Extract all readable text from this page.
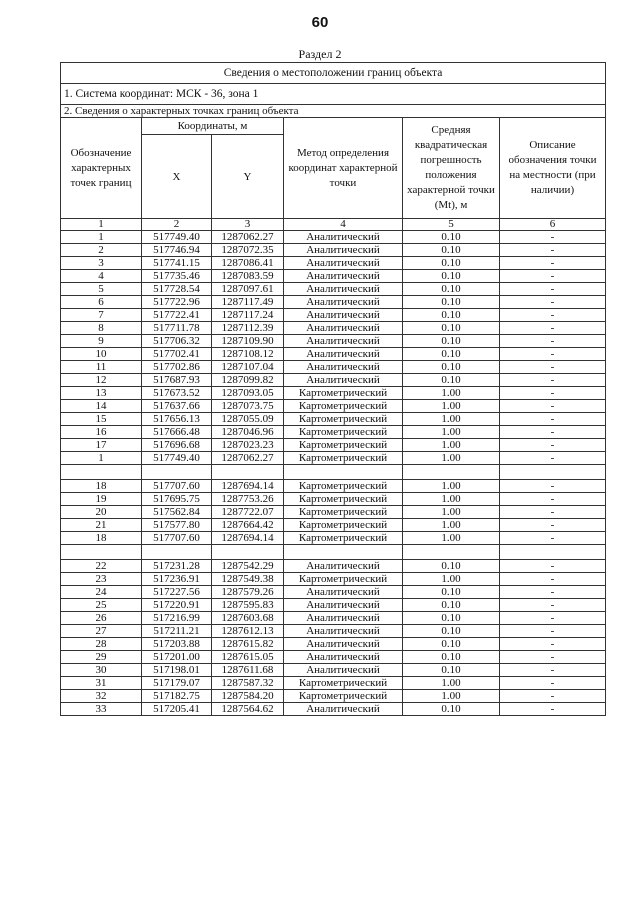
60
Раздел 2
Сведения о местоположении границ объекта					
1. Система координат: МСК - 36, зона 1					
2. Сведения о характерных точках границ объекта					
Обозначение характерных точек границ	Координаты, м		Метод определения координат характерной точки	Средняя квадратическая погрешность положения характерной точки (Mt), м	Описание обозначения точки на местности (при наличии)
	X	Y			
1	2	3	4	5	6
1	517749.40	1287062.27	Аналитический	0.10	-
2	517746.94	1287072.35	Аналитический	0.10	-
3	517741.15	1287086.41	Аналитический	0.10	-
4	517735.46	1287083.59	Аналитический	0.10	-
5	517728.54	1287097.61	Аналитический	0.10	-
6	517722.96	1287117.49	Аналитический	0.10	-
7	517722.41	1287117.24	Аналитический	0.10	-
8	517711.78	1287112.39	Аналитический	0.10	-
9	517706.32	1287109.90	Аналитический	0.10	-
10	517702.41	1287108.12	Аналитический	0.10	-
11	517702.86	1287107.04	Аналитический	0.10	-
12	517687.93	1287099.82	Аналитический	0.10	-
13	517673.52	1287093.05	Картометрический	1.00	-
14	517637.66	1287073.75	Картометрический	1.00	-
15	517656.13	1287055.09	Картометрический	1.00	-
16	517666.48	1287046.96	Картометрический	1.00	-
17	517696.68	1287023.23	Картометрический	1.00	-
1	517749.40	1287062.27	Картометрический	1.00	-

18	517707.60	1287694.14	Картометрический	1.00	-
19	517695.75	1287753.26	Картометрический	1.00	-
20	517562.84	1287722.07	Картометрический	1.00	-
21	517577.80	1287664.42	Картометрический	1.00	-
18	517707.60	1287694.14	Картометрический	1.00	-

22	517231.28	1287542.29	Аналитический	0.10	-
23	517236.91	1287549.38	Картометрический	1.00	-
24	517227.56	1287579.26	Аналитический	0.10	-
25	517220.91	1287595.83	Аналитический	0.10	-
26	517216.99	1287603.68	Аналитический	0.10	-
27	517211.21	1287612.13	Аналитический	0.10	-
28	517203.88	1287615.82	Аналитический	0.10	-
29	517201.00	1287615.05	Аналитический	0.10	-
30	517198.01	1287611.68	Аналитический	0.10	-
31	517179.07	1287587.32	Картометрический	1.00	-
32	517182.75	1287584.20	Картометрический	1.00	-
33	517205.41	1287564.62	Аналитический	0.10	-
